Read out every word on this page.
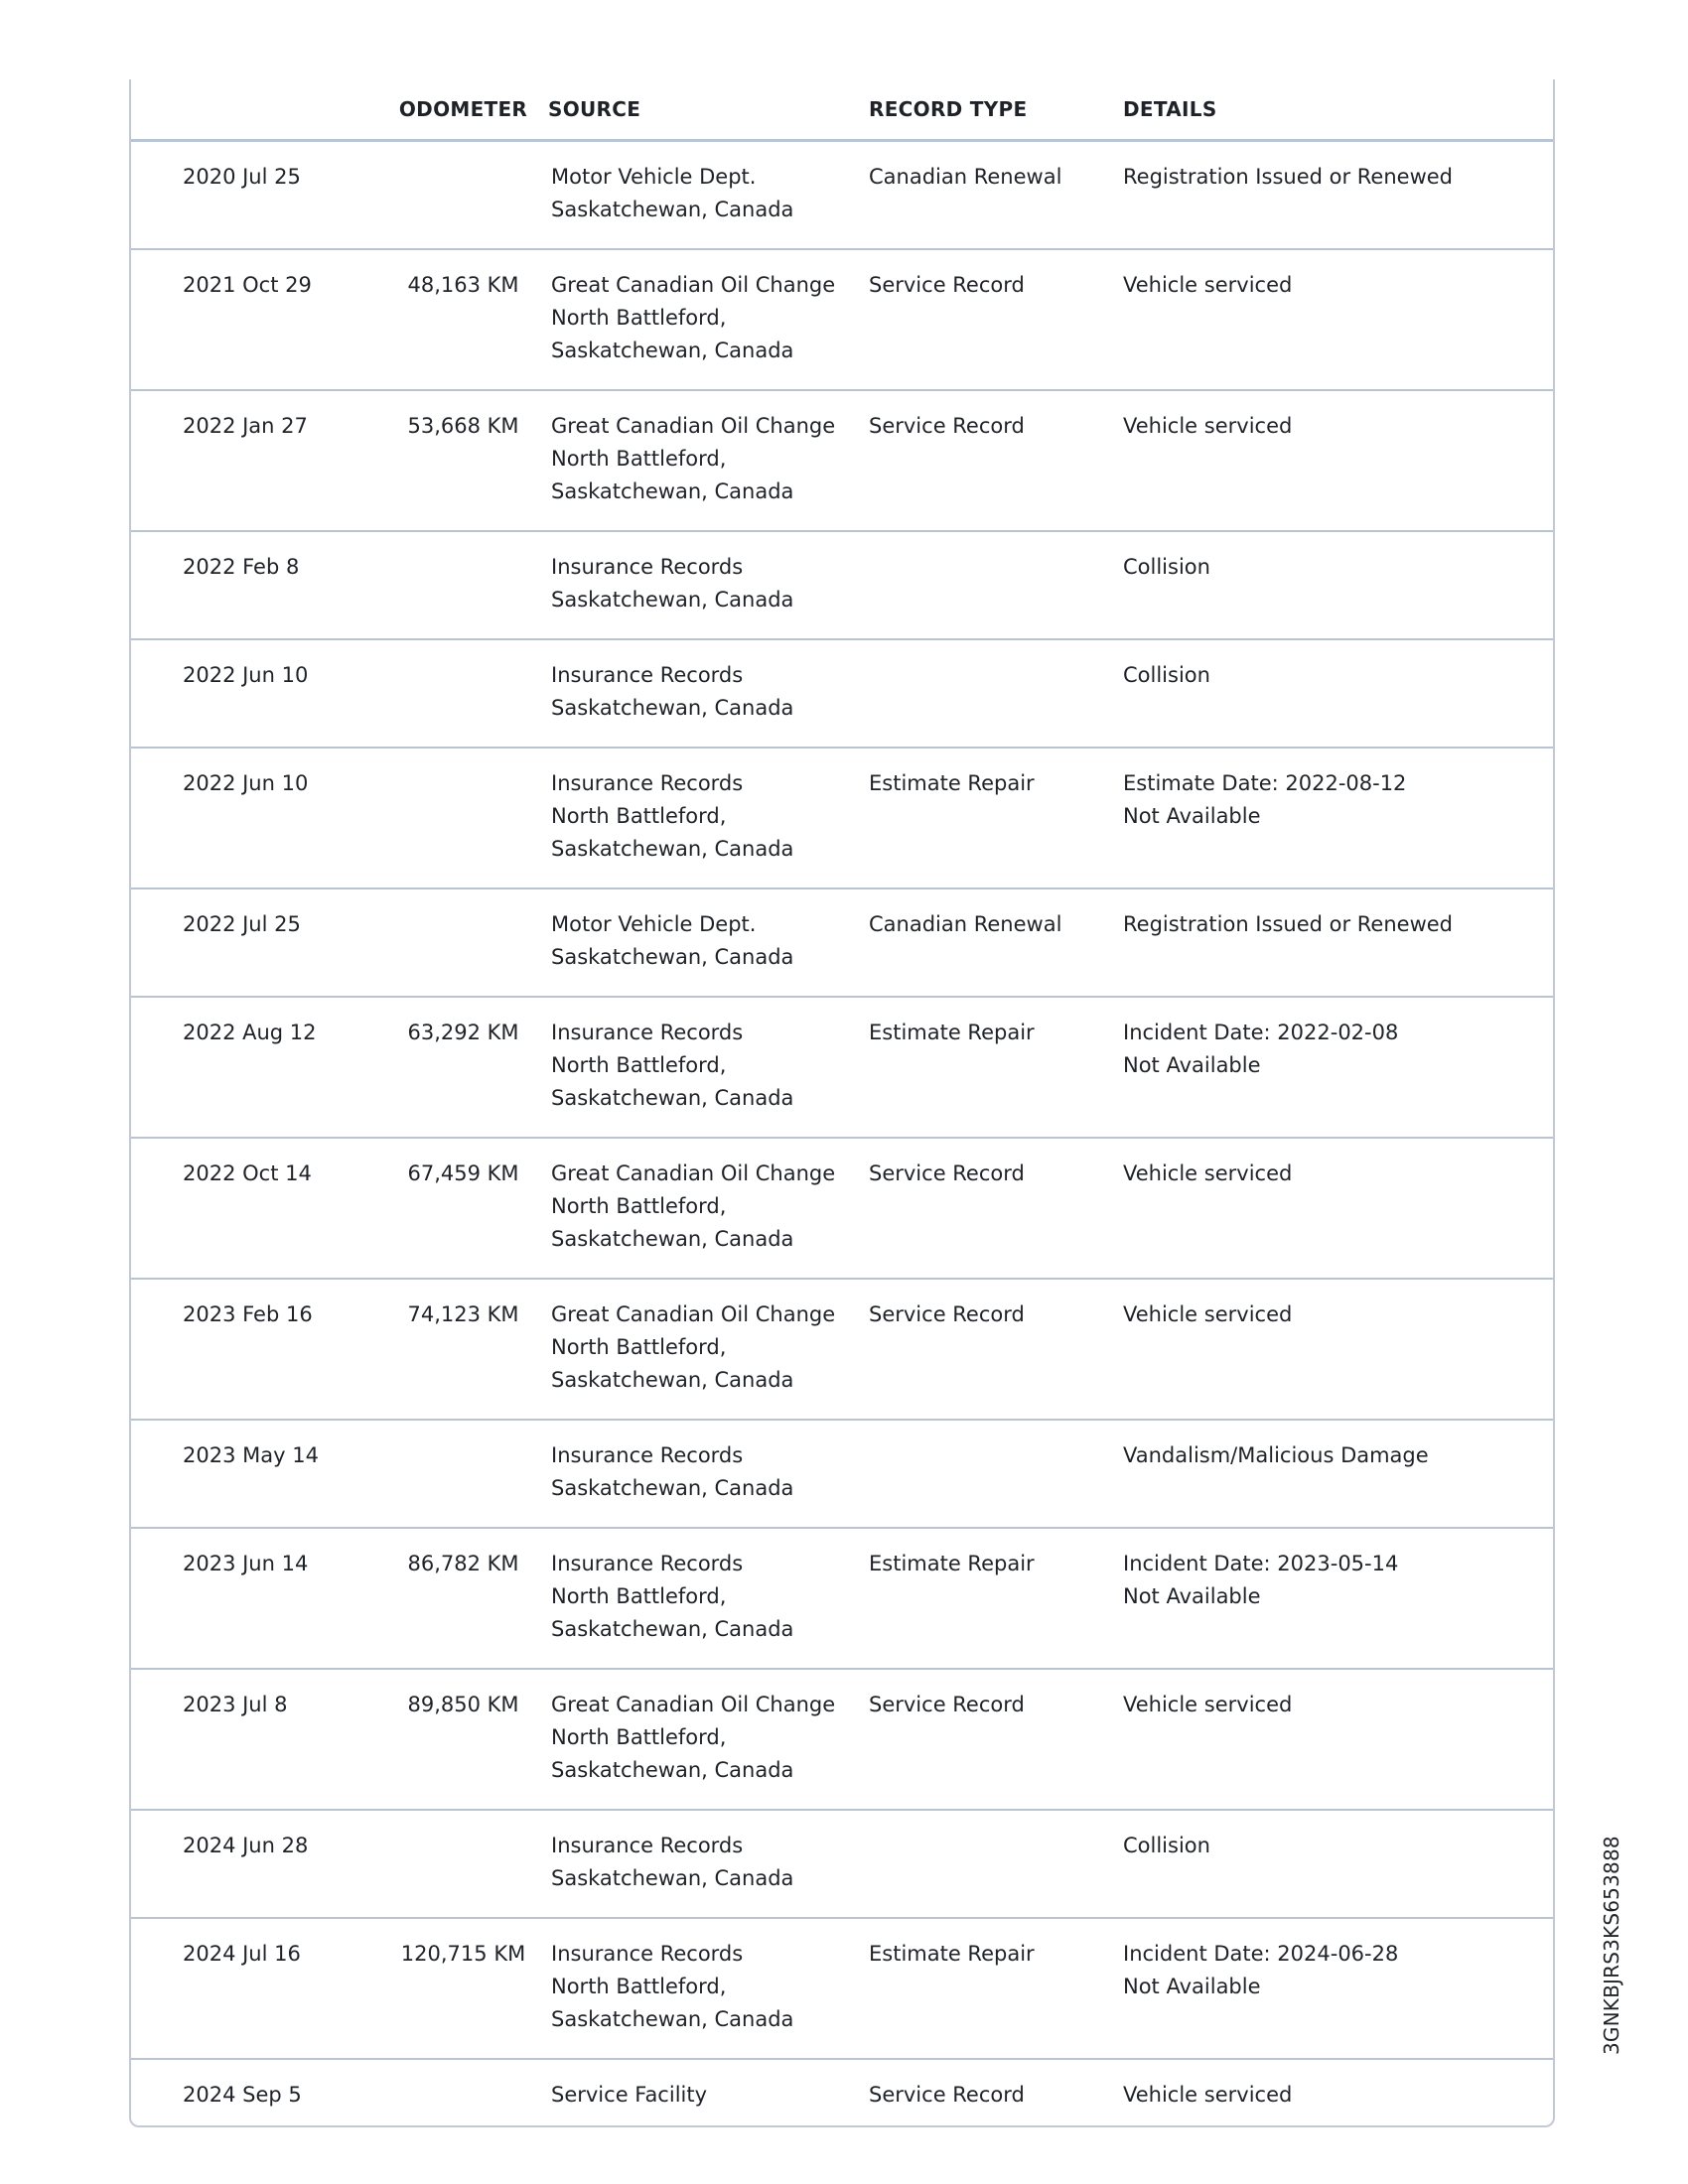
	ODOMETER	SOURCE	RECORD TYPE	DETAILS
2020 Jul 25		Motor Vehicle Dept.
Saskatchewan, Canada	Canadian Renewal	Registration Issued or Renewed

2021 Oct 29	48,163 KM	Great Canadian Oil Change
North Battleford,
Saskatchewan, Canada	Service Record	Vehicle serviced

2022 Jan 27	53,668 KM	Great Canadian Oil Change
North Battleford,
Saskatchewan, Canada	Service Record	Vehicle serviced

2022 Feb 8		Insurance Records
Saskatchewan, Canada		Collision

2022 Jun 10		Insurance Records
Saskatchewan, Canada		Collision

2022 Jun 10		Insurance Records
North Battleford,
Saskatchewan, Canada	Estimate Repair	Estimate Date: 2022-08-12
Not Available

2022 Jul 25		Motor Vehicle Dept.
Saskatchewan, Canada	Canadian Renewal	Registration Issued or Renewed

2022 Aug 12	63,292 KM	Insurance Records
North Battleford,
Saskatchewan, Canada	Estimate Repair	Incident Date: 2022-02-08
Not Available

2022 Oct 14	67,459 KM	Great Canadian Oil Change
North Battleford,
Saskatchewan, Canada	Service Record	Vehicle serviced

2023 Feb 16	74,123 KM	Great Canadian Oil Change
North Battleford,
Saskatchewan, Canada	Service Record	Vehicle serviced

2023 May 14		Insurance Records
Saskatchewan, Canada		Vandalism/Malicious Damage

2023 Jun 14	86,782 KM	Insurance Records
North Battleford,
Saskatchewan, Canada	Estimate Repair	Incident Date: 2023-05-14
Not Available

2023 Jul 8	89,850 KM	Great Canadian Oil Change
North Battleford,
Saskatchewan, Canada	Service Record	Vehicle serviced

2024 Jun 28		Insurance Records
Saskatchewan, Canada		Collision

2024 Jul 16	120,715 KM	Insurance Records
North Battleford,
Saskatchewan, Canada	Estimate Repair	Incident Date: 2024-06-28
Not Available

2024 Sep 5		Service Facility	Service Record	Vehicle serviced
3GNKBJRS3KS653888
